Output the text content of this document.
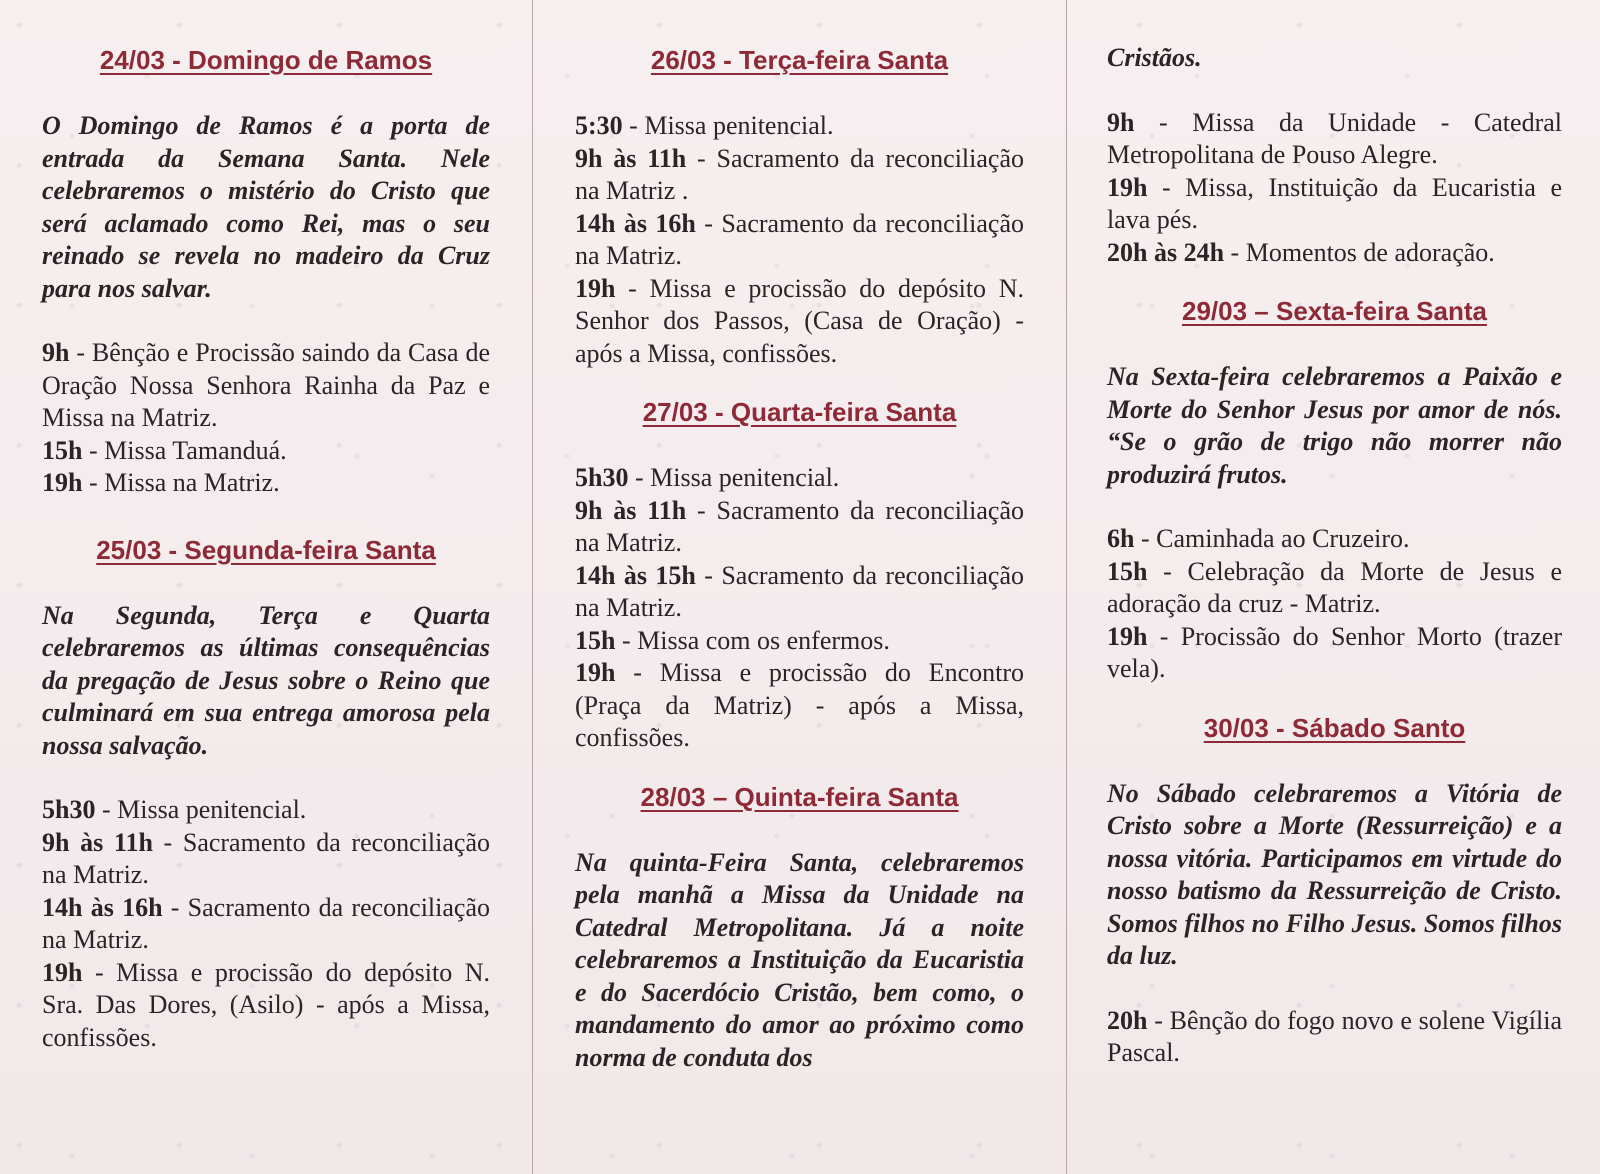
24/03 - Domingo de Ramos

O Domingo de Ramos é a porta de entrada da Semana Santa. Nele celebraremos o mistério do Cristo que será aclamado como Rei, mas o seu reinado se revela no madeiro da Cruz para nos salvar.

9h - Bênção e Procissão saindo da Casa de Oração Nossa Senhora Rainha da Paz e Missa na Matriz.

15h - Missa Tamanduá.

19h - Missa na Matriz.

25/03 - Segunda-feira Santa

Na Segunda, Terça e Quarta celebraremos as últimas consequências da pregação de Jesus sobre o Reino que culminará em sua entrega amorosa pela nossa salvação.

5h30 - Missa penitencial.

9h às 11h - Sacramento da reconciliação na Matriz.

14h às 16h - Sacramento da reconciliação na Matriz.

19h - Missa e procissão do depósito N. Sra. Das Dores, (Asilo) - após a Missa, confissões.

26/03 - Terça-feira Santa

5:30 - Missa penitencial.

9h às 11h - Sacramento da reconciliação na Matriz .

14h às 16h - Sacramento da reconciliação na Matriz.

19h - Missa e procissão do depósito N. Senhor dos Passos, (Casa de Oração) - após a Missa, confissões.

27/03 - Quarta-feira Santa

5h30 - Missa penitencial.

9h às 11h - Sacramento da reconciliação na Matriz.

14h às 15h - Sacramento da reconciliação na Matriz.

15h - Missa com os enfermos.

19h - Missa e procissão do Encontro (Praça da Matriz) - após a Missa, confissões.

28/03 – Quinta-feira Santa

Na quinta-Feira Santa, celebraremos pela manhã a Missa da Unidade na Catedral Metropolitana. Já a noite celebraremos a Instituição da Eucaristia e do Sacerdócio Cristão, bem como, o mandamento do amor ao próximo como norma de conduta dos

Cristãos.

9h - Missa da Unidade - Catedral Metropolitana de Pouso Alegre.

19h - Missa, Instituição da Eucaristia e lava pés.

20h às 24h - Momentos de adoração.

29/03 – Sexta-feira Santa

Na Sexta-feira celebraremos a Paixão e Morte do Senhor Jesus por amor de nós. “Se o grão de trigo não morrer não produzirá frutos.

6h - Caminhada ao Cruzeiro.

15h - Celebração da Morte de Jesus e adoração da cruz - Matriz.

19h - Procissão do Senhor Morto (trazer vela).

30/03 - Sábado Santo

No Sábado celebraremos a Vitória de Cristo sobre a Morte (Ressurreição) e a nossa vitória. Participamos em virtude do nosso batismo da Ressurreição de Cristo. Somos filhos no Filho Jesus. Somos filhos da luz.

20h - Bênção do fogo novo e solene Vigília Pascal.
